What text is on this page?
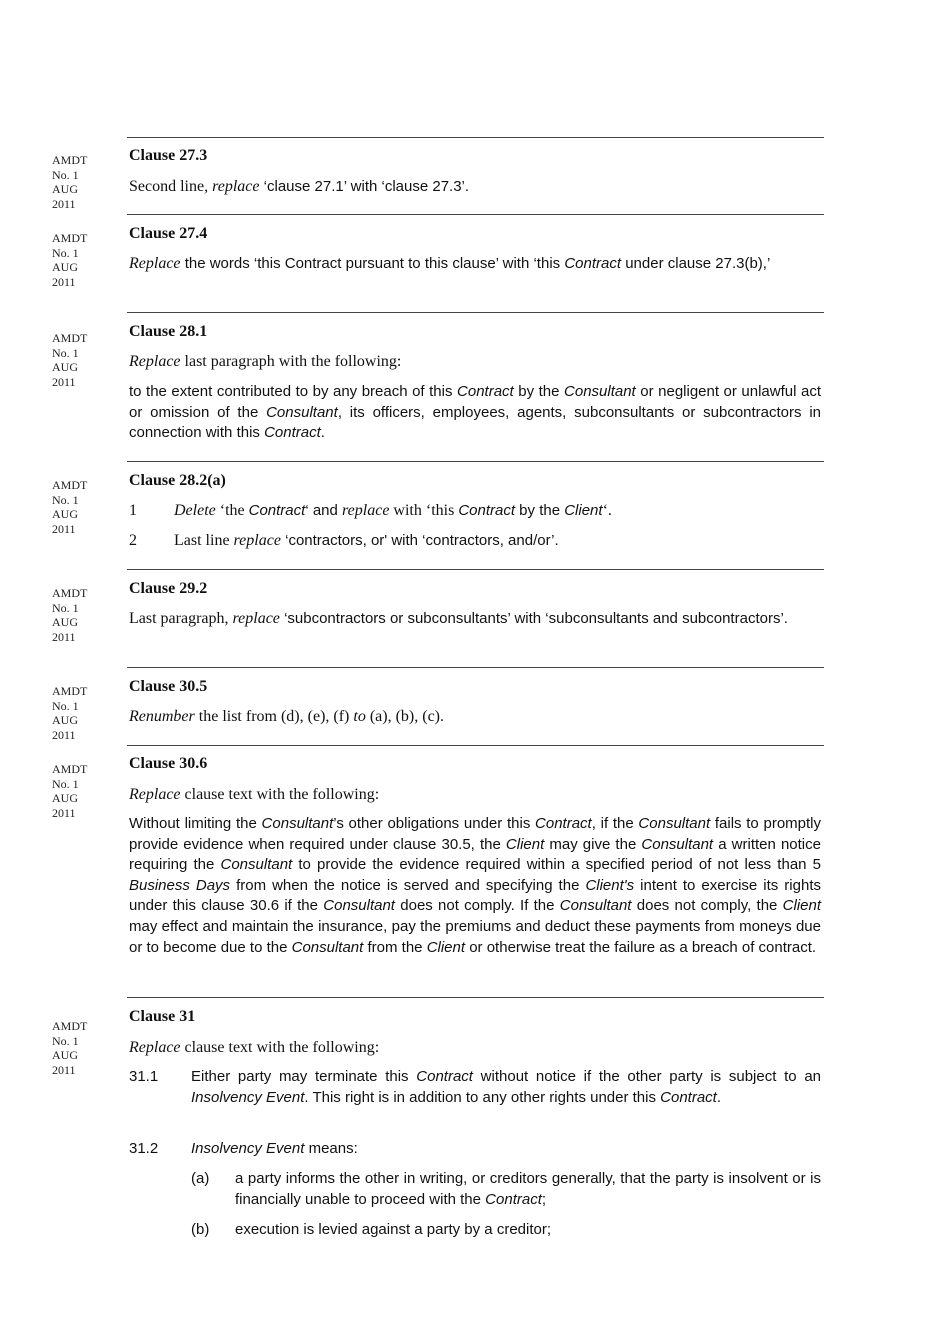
AMDT
No. 1
AUG
2011
Clause 27.3
Second line, replace ‘clause 27.1’ with ‘clause 27.3’.
AMDT
No. 1
AUG
2011
Clause 27.4
Replace the words ‘this Contract pursuant to this clause’ with ‘this Contract under clause 27.3(b),’
AMDT
No. 1
AUG
2011
Clause 28.1
Replace last paragraph with the following:
to the extent contributed to by any breach of this Contract by the Consultant or negligent or unlawful act or omission of the Consultant, its officers, employees, agents, subconsultants or subcontractors in connection with this Contract.
AMDT
No. 1
AUG
2011
Clause 28.2(a)
1 Delete ‘the Contract‘ and replace with ‘this Contract by the Client‘.
2 Last line replace ‘contractors, or' with ‘contractors, and/or’.
AMDT
No. 1
AUG
2011
Clause 29.2
Last paragraph, replace ‘subcontractors or subconsultants’ with ‘subconsultants and subcontractors’.
AMDT
No. 1
AUG
2011
Clause 30.5
Renumber the list from (d), (e), (f) to (a), (b), (c).
AMDT
No. 1
AUG
2011
Clause 30.6
Replace clause text with the following:
Without limiting the Consultant’s other obligations under this Contract, if the Consultant fails to promptly provide evidence when required under clause 30.5, the Client may give the Consultant a written notice requiring the Consultant to provide the evidence required within a specified period of not less than 5 Business Days from when the notice is served and specifying the Client's intent to exercise its rights under this clause 30.6 if the Consultant does not comply. If the Consultant does not comply, the Client may effect and maintain the insurance, pay the premiums and deduct these payments from moneys due or to become due to the Consultant from the Client or otherwise treat the failure as a breach of contract.
AMDT
No. 1
AUG
2011
Clause 31
Replace clause text with the following:
31.1 Either party may terminate this Contract without notice if the other party is subject to an Insolvency Event. This right is in addition to any other rights under this Contract.
31.2 Insolvency Event means:
(a) a party informs the other in writing, or creditors generally, that the party is insolvent or is financially unable to proceed with the Contract;
(b) execution is levied against a party by a creditor;
